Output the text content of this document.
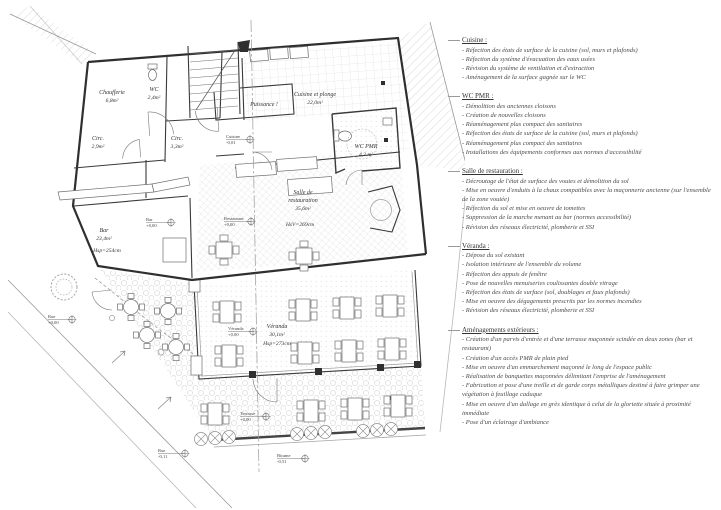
Cuisine -0,01
Restaurant +0,00
Bar +0,00
Véranda +0,00
Terrasse +0,00
Rue +0,00
Rue -0,11	Bitume -0,51
Chaufferie 6,8m²
WC 2,4m²
Circ. 2,9m²
Circ. 3,3m²
Puissance !
Cuisine et plonge 22,0m²
WC PMR 4,2 m²
Salle de restauration 35,6m² HsV=269cm
Bar 23,4m² Hsp=254cm
Véranda 30,1m² Hsp=273cm
Cuisine :
- Réfection des états de surface de la cuisine (sol, murs et plafonds)
- Réfection du système d'évacuation des eaux usées
- Révision du système de ventilation et d'extraction
- Aménagement de la surface gagnée sur le WC
WC PMR :
- Démolition des anciennes cloisons
- Création de nouvelles cloisons
- Réaménagement plus compact des sanitaires
- Réfection des états de surface de la cuisine (sol, murs et plafonds)
- Réaménagement plus compact des sanitaires
- Installations des équipements conformes aux normes d'accessibilité
Salle de restauration :
- Décroutage de l'état de surface des voutes et démolition du sol
- Mise en oeuvre d'enduits à la chaux compatibles avec la maçonnerie ancienne (sur l'ensemble de la zone voutée)
- Réfection du sol et mise en oeuvre de tomettes
- Suppression de la marche menant au bar (normes accessibilité)
- Révision des réseaux électricité, plomberie et SSI
Véranda :
- Dépose du sol existant
- Isolation intérieure de l'ensemble du volume
- Réfection des appuis de fenêtre
- Pose de nouvelles menuiseries coulissantes double vitrage
- Réfection des états de surface (sol, doublages et faux plafonds)
- Mise en oeuvre des dégagements prescrits par les normes incendies
- Révision des réseaux électricité, plomberie et SSI
Aménagements extérieurs :
- Création d'un parvis d'entrée et d'une terrasse maçonnée scindée en deux zones (bar et restaurant)
- Création d'un accès PMR de plain pied
- Mise en oeuvre d'un emmarchement maçonné le long de l'espace public
- Réalisation de banquettes maçonnées délimitant l'emprise de l'aménagement
- Fabrication et pose d'une treille et de garde corps métalliques destiné à faire grimper une végétation à feuillage caduque
- Mise en oeuvre d'un dallage en grès identique à celui de la gloriette située à proximité immédiate
- Pose d'un éclairage d'ambiance
